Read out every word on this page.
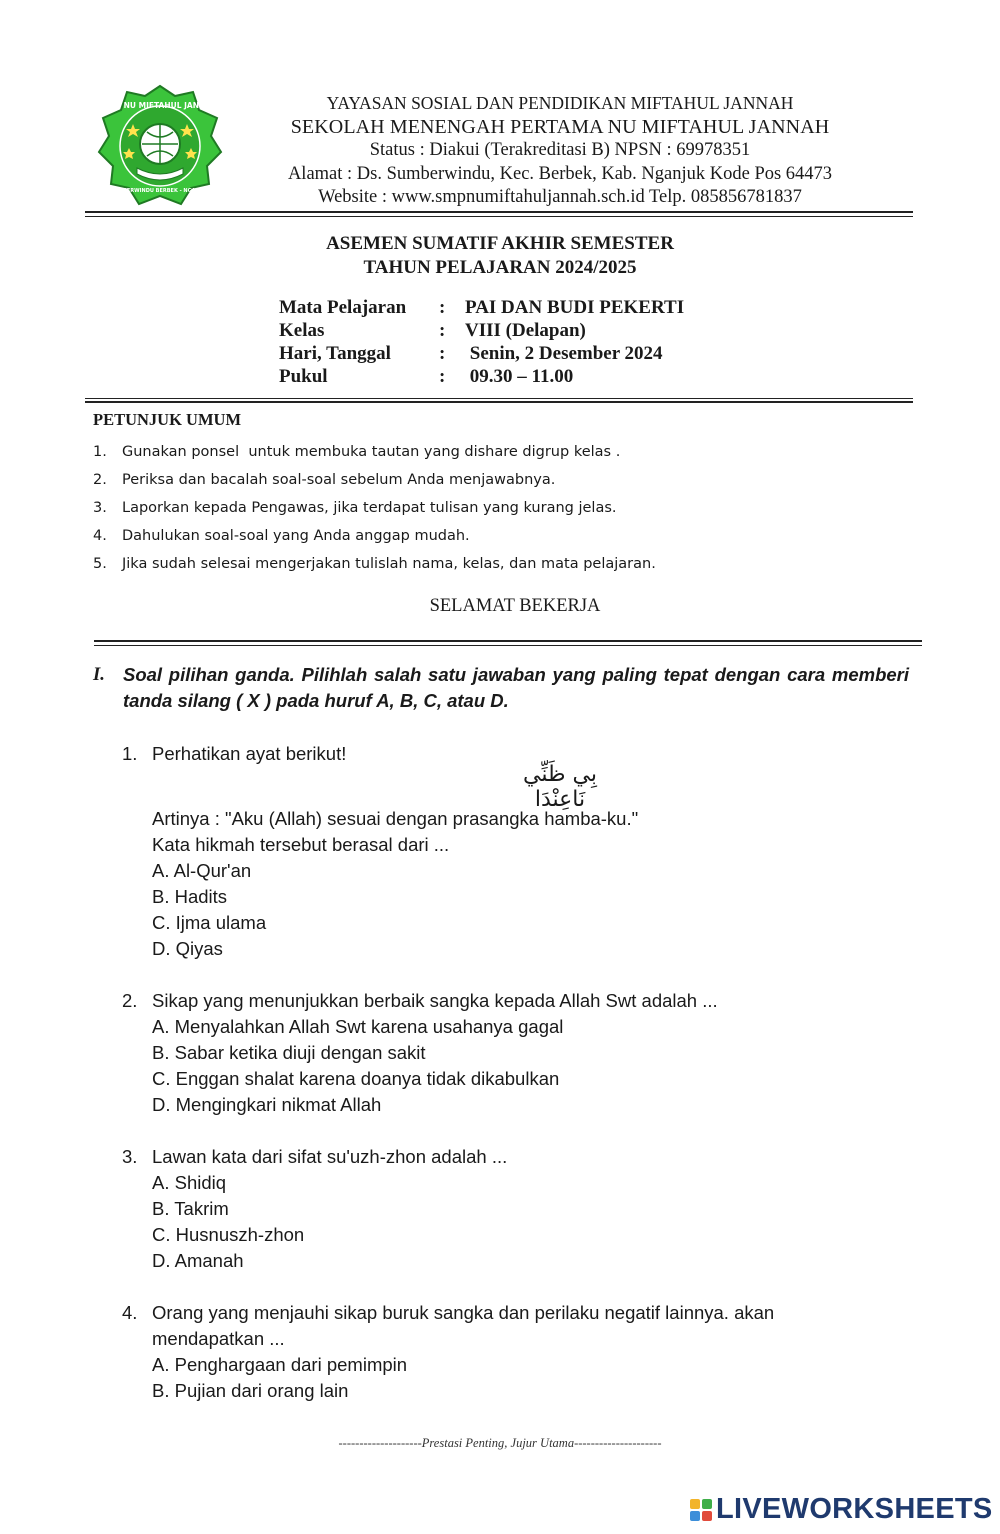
SMP NU MIFTAHUL JANNAH
SUMBERWINDU BERBEK - NGANJUK
YAYASAN SOSIAL DAN PENDIDIKAN MIFTAHUL JANNAH
SEKOLAH MENENGAH PERTAMA NU MIFTAHUL JANNAH
Status : Diakui (Terakreditasi B) NPSN : 69978351
Alamat : Ds. Sumberwindu, Kec. Berbek, Kab. Nganjuk Kode Pos 64473
Website : www.smpnumiftahuljannah.sch.id Telp. 085856781837
ASEMEN SUMATIF AKHIR SEMESTER
TAHUN PELAJARAN 2024/2025
Mata Pelajaran	:	PAI DAN BUDI PEKERTI
Kelas	:	VIII (Delapan)
Hari, Tanggal	:	Senin, 2 Desember 2024
Pukul	:	09.30 – 11.00
PETUNJUK UMUM
1. Gunakan ponsel  untuk membuka tautan yang dishare digrup kelas .
2. Periksa dan bacalah soal-soal sebelum Anda menjawabnya.
3. Laporkan kepada Pengawas, jika terdapat tulisan yang kurang jelas.
4. Dahulukan soal-soal yang Anda anggap mudah.
5. Jika sudah selesai mengerjakan tulislah nama, kelas, dan mata pelajaran.
SELAMAT BEKERJA
I. Soal pilihan ganda. Pilihlah salah satu jawaban yang paling tepat dengan cara memberi tanda silang ( X ) pada huruf A, B, C, atau D.
1. Perhatikan ayat berikut!
بِي ظَنِّي نَاعِنْدَا
Artinya : "Aku (Allah) sesuai dengan prasangka hamba-ku."
Kata hikmah tersebut berasal dari ...
A. Al-Qur'an
B. Hadits
C. Ijma ulama
D. Qiyas
2. Sikap yang menunjukkan berbaik sangka kepada Allah Swt adalah ...
A. Menyalahkan Allah Swt karena usahanya gagal
B. Sabar ketika diuji dengan sakit
C. Enggan shalat karena doanya tidak dikabulkan
D. Mengingkari nikmat Allah
3. Lawan kata dari sifat su'uzh-zhon adalah ...
A. Shidiq
B. Takrim
C. Husnuszh-zhon
D. Amanah
4. Orang yang menjauhi sikap buruk sangka dan perilaku negatif lainnya. akan
mendapatkan ...
A. Penghargaan dari pemimpin
B. Pujian dari orang lain
--------------------Prestasi Penting, Jujur Utama---------------------
LIVEWORKSHEETS
